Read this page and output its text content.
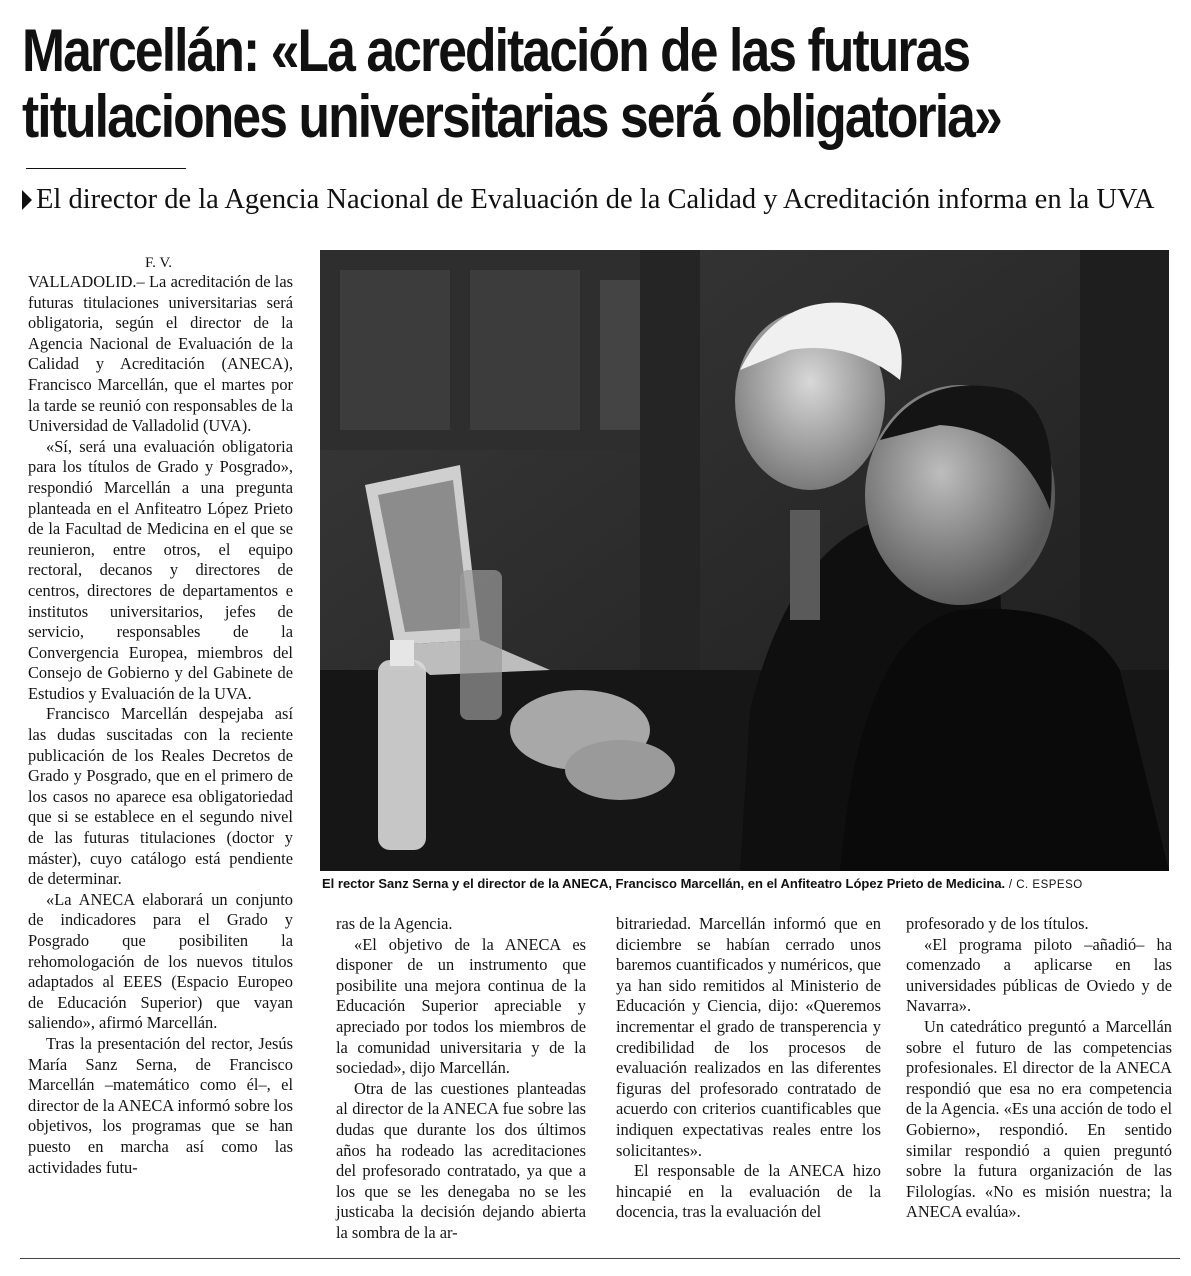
Marcellán: «La acreditación de las futuras
titulaciones universitarias será obligatoria»
El director de la Agencia Nacional de Evaluación de la Calidad y Acreditación informa en la UVA
F. V.

VALLADOLID.– La acreditación de las futuras titulaciones universitarias será obligatoria, según el director de la Agencia Nacional de Evaluación de la Calidad y Acreditación (ANECA), Francisco Marcellán, que el martes por la tarde se reunió con responsables de la Universidad de Valladolid (UVA).

«Sí, será una evaluación obligatoria para los títulos de Grado y Posgrado», respondió Marcellán a una pregunta planteada en el Anfiteatro López Prieto de la Facultad de Medicina en el que se reunieron, entre otros, el equipo rectoral, decanos y directores de centros, directores de departamentos e institutos universitarios, jefes de servicio, responsables de la Convergencia Europea, miembros del Consejo de Gobierno y del Gabinete de Estudios y Evaluación de la UVA.

Francisco Marcellán despejaba así las dudas suscitadas con la reciente publicación de los Reales Decretos de Grado y Posgrado, que en el primero de los casos no aparece esa obligatoriedad que si se establece en el segundo nivel de las futuras titulaciones (doctor y máster), cuyo catálogo está pendiente de determinar.

«La ANECA elaborará un conjunto de indicadores para el Grado y Posgrado que posibiliten la rehomologación de los nuevos titulos adaptados al EEES (Espacio Europeo de Educación Superior) que vayan saliendo», afirmó Marcellán.

Tras la presentación del rector, Jesús María Sanz Serna, de Francisco Marcellán –matemático como él–, el director de la ANECA informó sobre los objetivos, los programas que se han puesto en marcha así como las actividades futu-

El rector Sanz Serna y el director de la ANECA, Francisco Marcellán, en el Anfiteatro López Prieto de Medicina. / C. ESPESO

ras de la Agencia.

«El objetivo de la ANECA es disponer de un instrumento que posibilite una mejora continua de la Educación Superior apreciable y apreciado por todos los miembros de la comunidad universitaria y de la sociedad», dijo Marcellán.

Otra de las cuestiones planteadas al director de la ANECA fue sobre las dudas que durante los dos últimos años ha rodeado las acreditaciones del profesorado contratado, ya que a los que se les denegaba no se les justicaba la decisión dejando abierta la sombra de la ar-

bitrariedad. Marcellán informó que en diciembre se habían cerrado unos baremos cuantificados y numéricos, que ya han sido remitidos al Ministerio de Educación y Ciencia, dijo: «Queremos incrementar el grado de transperencia y credibilidad de los procesos de evaluación realizados en las diferentes figuras del profesorado contratado de acuerdo con criterios cuantificables que indiquen expectativas reales entre los solicitantes».

El responsable de la ANECA hizo hincapié en la evaluación de la docencia, tras la evaluación del

profesorado y de los títulos.

«El programa piloto –añadió– ha comenzado a aplicarse en las universidades públicas de Oviedo y de Navarra».

Un catedrático preguntó a Marcellán sobre el futuro de las competencias profesionales. El director de la ANECA respondió que esa no era competencia de la Agencia. «Es una acción de todo el Gobierno», respondió. En sentido similar respondió a quien preguntó sobre la futura organización de las Filologías. «No es misión nuestra; la ANECA evalúa».
